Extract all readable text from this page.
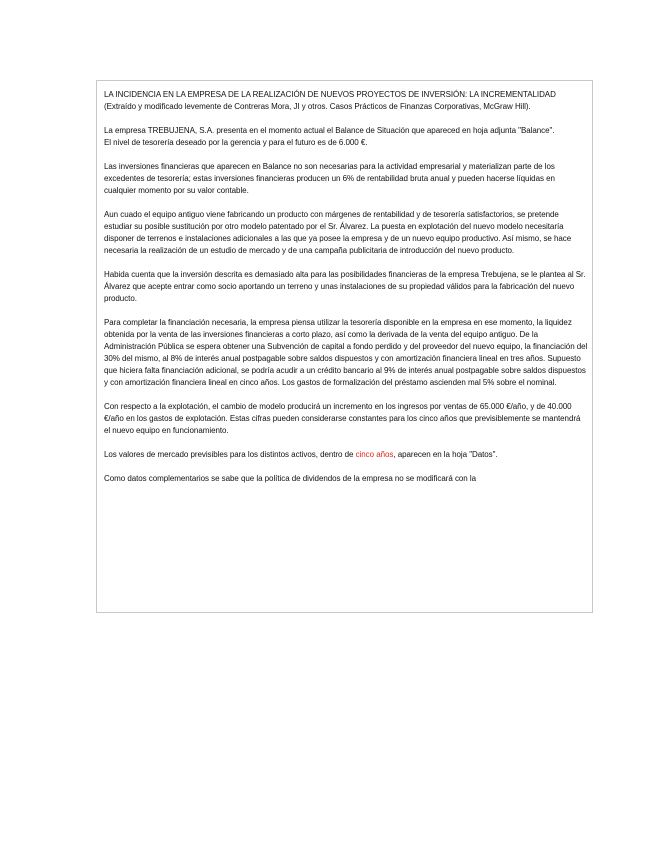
LA INCIDENCIA EN LA EMPRESA DE LA REALIZACIÓN DE NUEVOS PROYECTOS DE INVERSIÓN: LA INCREMENTALIDAD
(Extraído y modificado levemente de Contreras Mora, JI y otros. Casos Prácticos de Finanzas Corporativas, McGraw Hill).

La empresa TREBUJENA, S.A. presenta en el momento actual el Balance de Situación que apareced en hoja adjunta "Balance".
El nivel de tesorería deseado por la gerencia y para el futuro es de 6.000 €.

Las inversiones financieras que aparecen en Balance no son necesarias para la actividad empresarial y materializan parte de los excedentes de tesorería; estas inversiones financieras producen un 6% de rentabilidad bruta anual y pueden hacerse líquidas en cualquier momento por su valor contable.

Aun cuado el equipo antiguo viene fabricando un producto con márgenes de rentabilidad y de tesorería satisfactorios, se pretende estudiar su posible sustitución por otro modelo patentado por el Sr. Álvarez. La puesta en explotación del nuevo modelo necesitaría disponer de terrenos e instalaciones adicionales a las que ya posee la empresa y de un nuevo equipo productivo. Así mismo, se hace necesaria la realización de un estudio de mercado y de una campaña publicitaria de introducción del nuevo producto.

Habida cuenta que la inversión descrita es demasiado alta para las posibilidades financieras de la empresa Trebujena, se le plantea al Sr. Álvarez que acepte entrar como socio aportando un terreno y unas instalaciones de su propiedad válidos para la fabricación del nuevo producto.

Para completar la financiación necesaria, la empresa piensa utilizar la tesorería disponible en la empresa en ese momento, la liquidez obtenida por la venta de las inversiones financieras a corto plazo, así como la derivada de la venta del equipo antiguo. De la Administración Pública se espera obtener una Subvención de capital a fondo perdido y del proveedor del nuevo equipo, la financiación del 30% del mismo, al 8% de interés anual postpagable sobre saldos dispuestos y con amortización financiera lineal en tres años. Supuesto que hiciera falta financiación adicional, se podría acudir a un crédito bancario al 9% de interés anual postpagable sobre saldos dispuestos y con amortización financiera lineal en cinco años. Los gastos de formalización del préstamo ascienden mal 5% sobre el nominal.

Con respecto a la explotación, el cambio de modelo producirá un incremento en los ingresos por ventas de 65.000 €/año, y de 40.000 €/año en los gastos de explotación. Estas cifras pueden considerarse constantes para los cinco años que previsiblemente se mantendrá el nuevo equipo en funcionamiento.

Los valores de mercado previsibles para los distintos activos, dentro de cinco años, aparecen en la hoja "Datos".

Como datos complementarios se sabe que la política de dividendos de la empresa no se modificará con la
